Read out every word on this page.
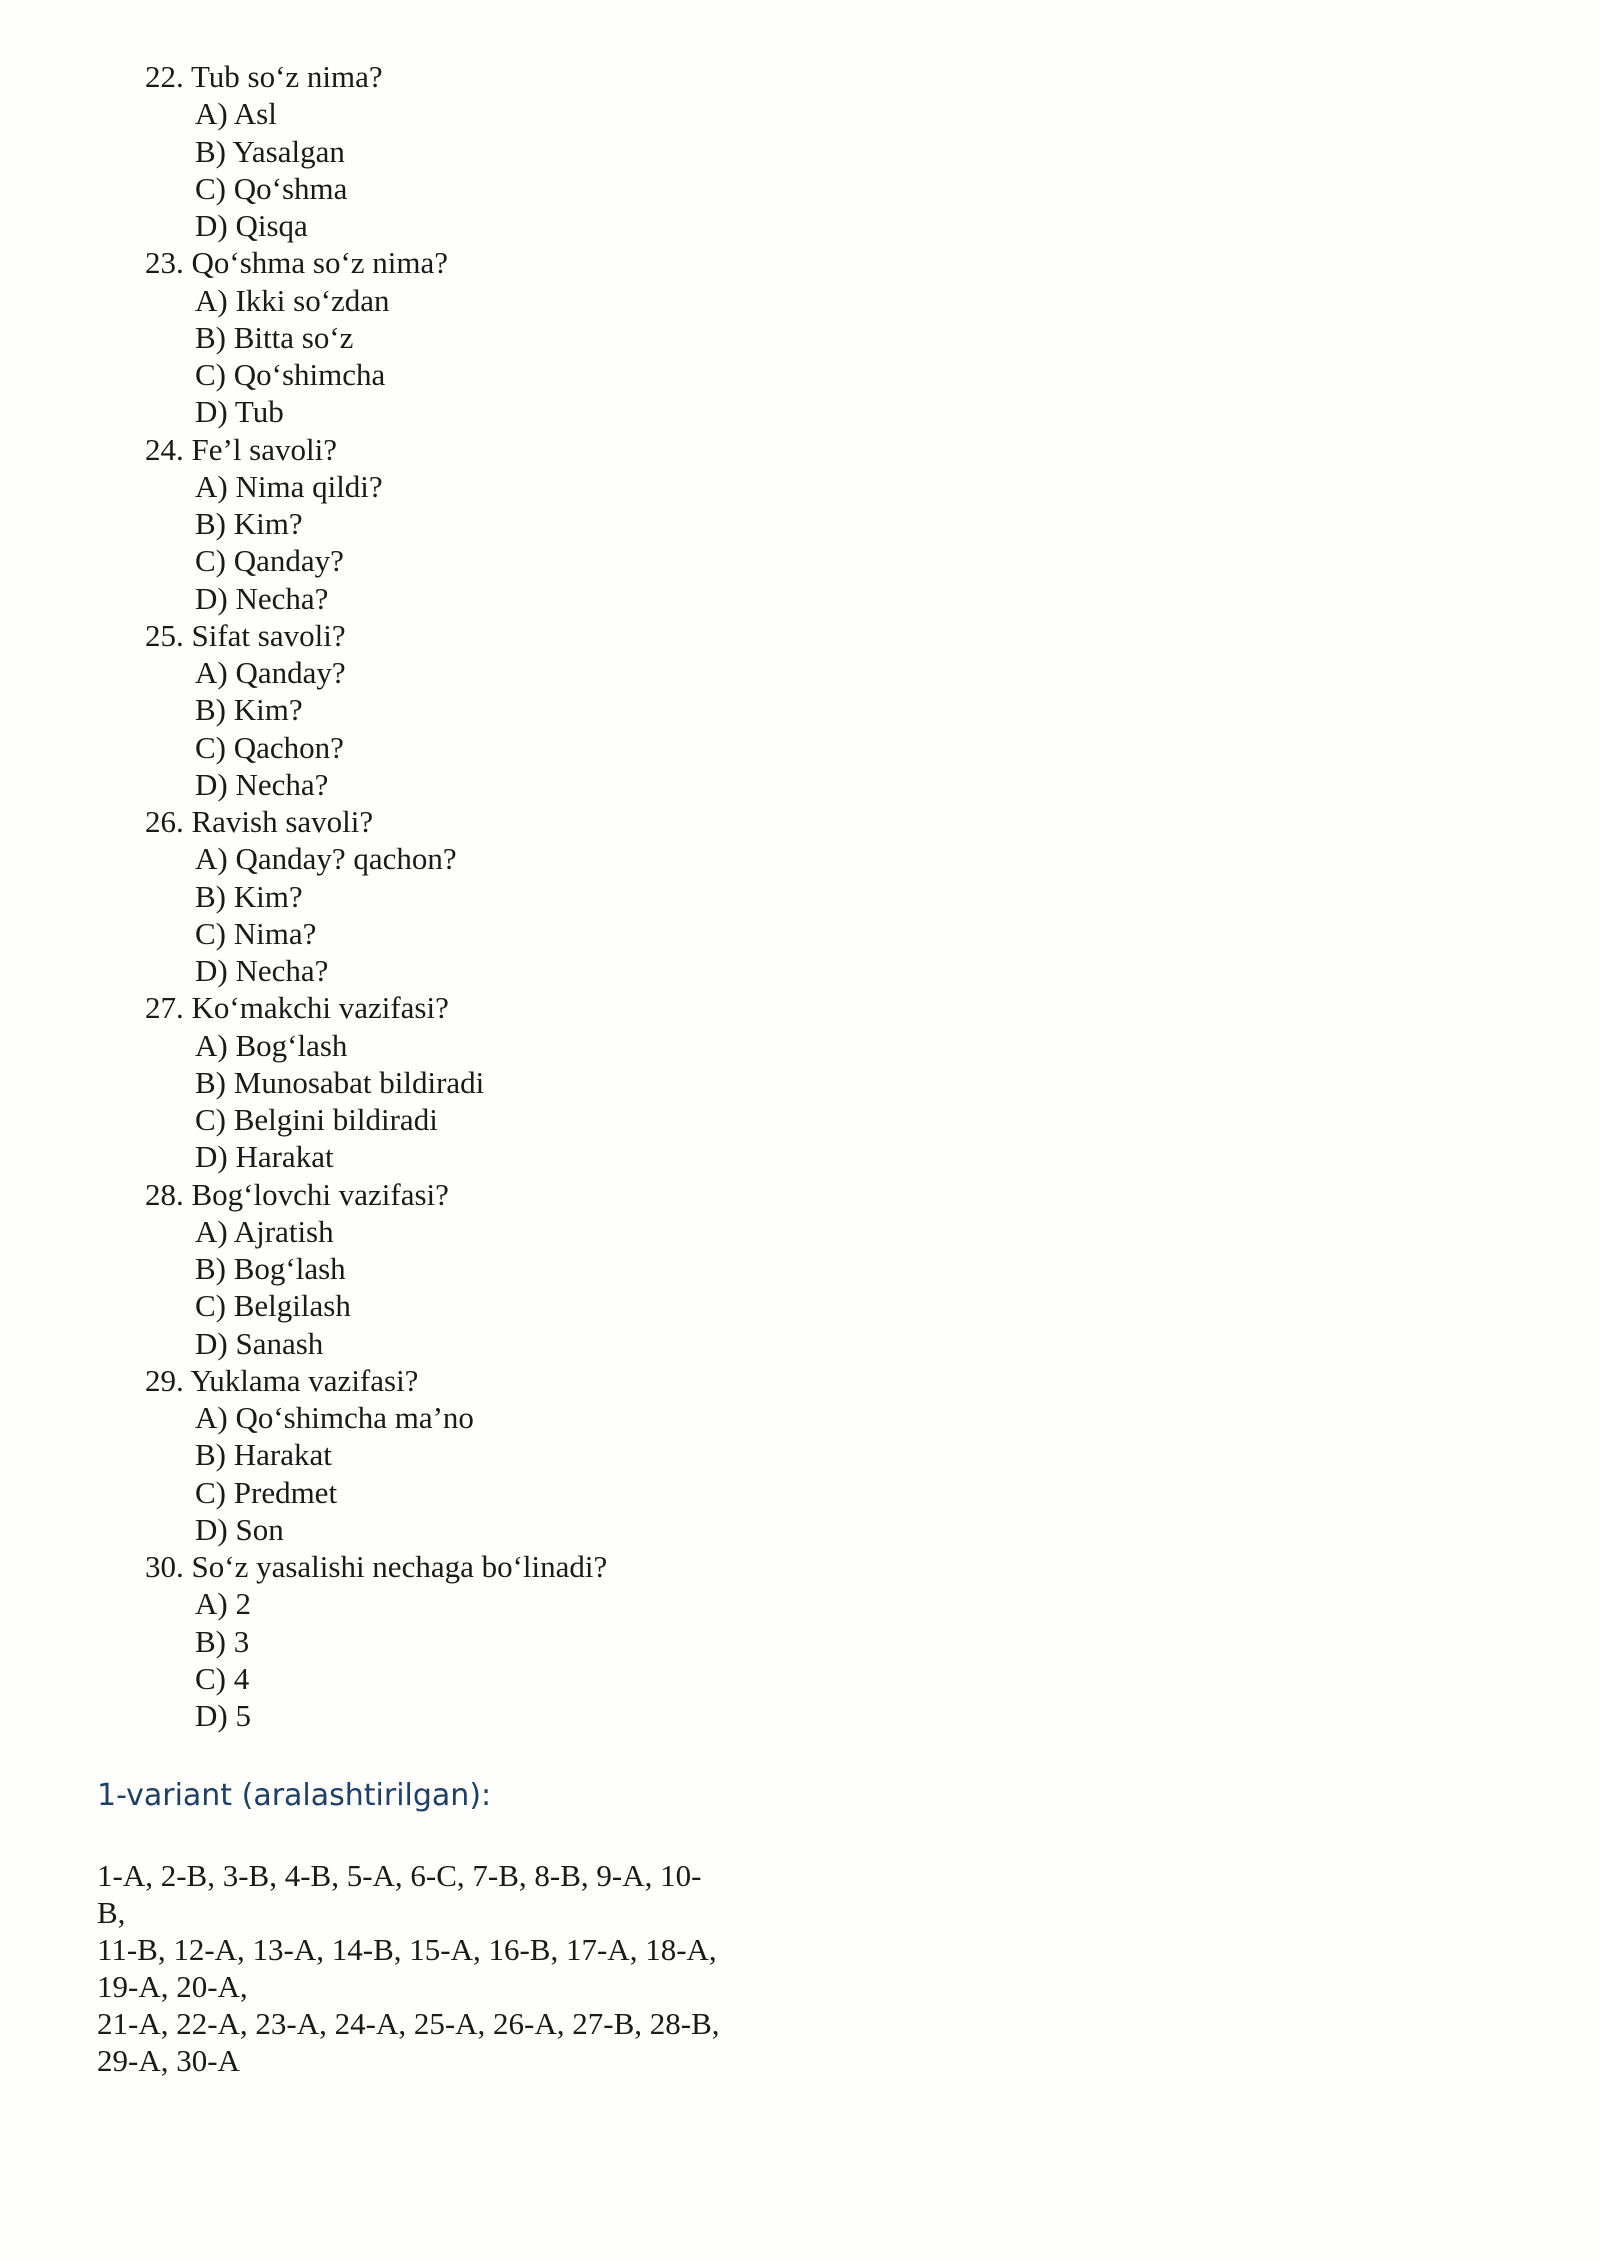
22. Tub so‘z nima?
A) Asl
B) Yasalgan
C) Qo‘shma
D) Qisqa
23. Qo‘shma so‘z nima?
A) Ikki so‘zdan
B) Bitta so‘z
C) Qo‘shimcha
D) Tub
24. Fe’l savoli?
A) Nima qildi?
B) Kim?
C) Qanday?
D) Necha?
25. Sifat savoli?
A) Qanday?
B) Kim?
C) Qachon?
D) Necha?
26. Ravish savoli?
A) Qanday? qachon?
B) Kim?
C) Nima?
D) Necha?
27. Ko‘makchi vazifasi?
A) Bog‘lash
B) Munosabat bildiradi
C) Belgini bildiradi
D) Harakat
28. Bog‘lovchi vazifasi?
A) Ajratish
B) Bog‘lash
C) Belgilash
D) Sanash
29. Yuklama vazifasi?
A) Qo‘shimcha ma’no
B) Harakat
C) Predmet
D) Son
30. So‘z yasalishi nechaga bo‘linadi?
A) 2
B) 3
C) 4
D) 5
1-variant (aralashtirilgan):
1-A, 2-B, 3-B, 4-B, 5-A, 6-C, 7-B, 8-B, 9-A, 10-
B,
11-B, 12-A, 13-A, 14-B, 15-A, 16-B, 17-A, 18-A,
19-A, 20-A,
21-A, 22-A, 23-A, 24-A, 25-A, 26-A, 27-B, 28-B,
29-A, 30-A
